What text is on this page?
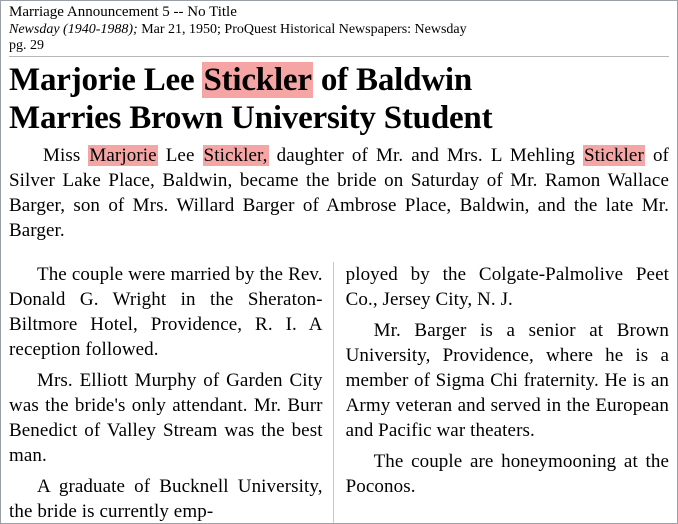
Marriage Announcement 5 -- No Title
Newsday (1940-1988); Mar 21, 1950; ProQuest Historical Newspapers: Newsday
pg. 29
Marjorie Lee Stickler of Baldwin
Marries Brown University Student

Miss Marjorie Lee Stickler, daughter of Mr. and Mrs. L Mehling Stickler of Silver Lake Place, Baldwin, became the bride on Saturday of Mr. Ramon Wallace Barger, son of Mrs. Willard Barger of Ambrose Place, Baldwin, and the late Mr. Barger.

The couple were married by the Rev. Donald G. Wright in the Sheraton-Biltmore Hotel, Providence, R. I. A reception followed.

Mrs. Elliott Murphy of Garden City was the bride's only attendant. Mr. Burr Benedict of Valley Stream was the best man.

A graduate of Bucknell University, the bride is currently emp-

ployed by the Colgate-Palmolive Peet Co., Jersey City, N. J.

Mr. Barger is a senior at Brown University, Providence, where he is a member of Sigma Chi fraternity. He is an Army veteran and served in the European and Pacific war theaters.

The couple are honeymooning at the Poconos.
